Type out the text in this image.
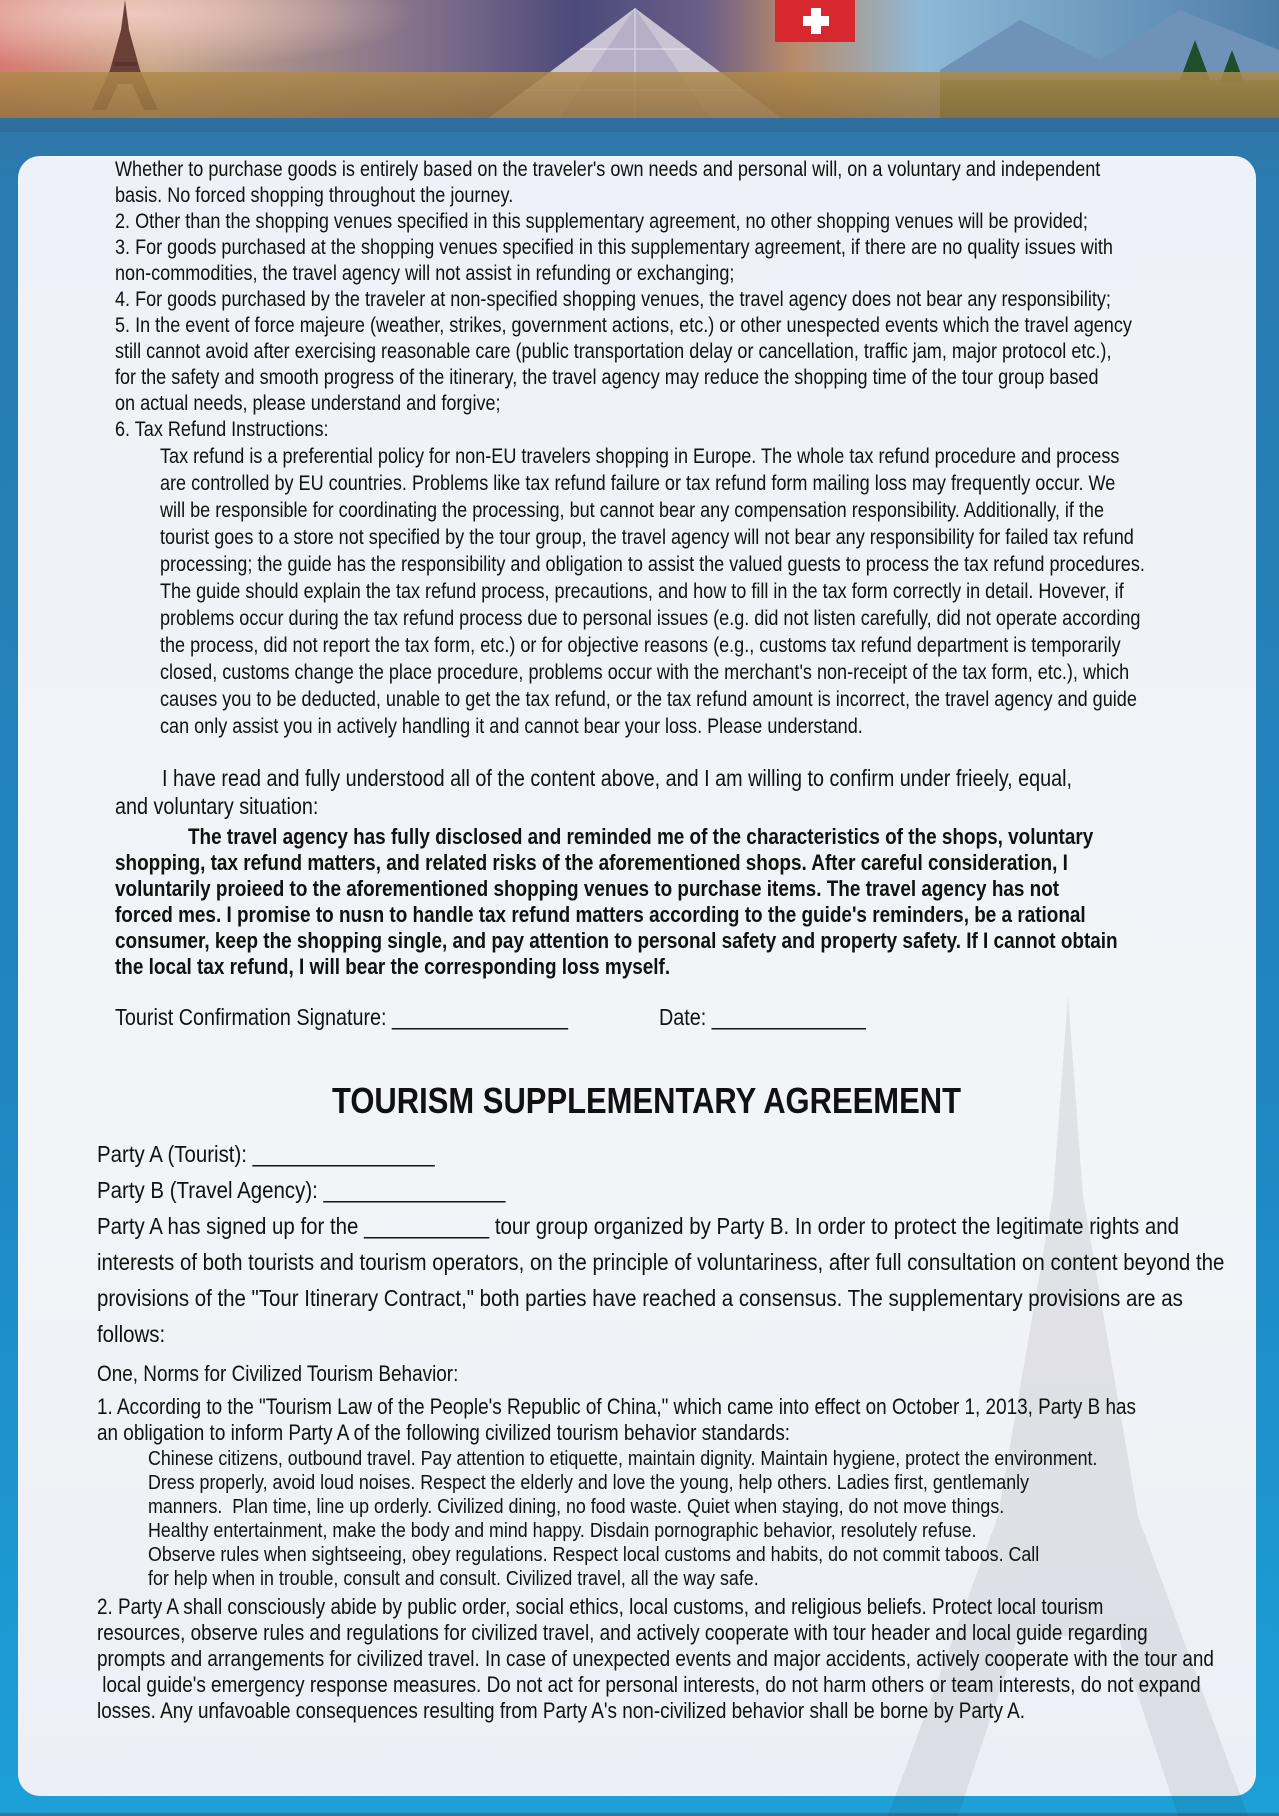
Whether to purchase goods is entirely based on the traveler's own needs and personal will, on a voluntary and independent
basis. No forced shopping throughout the journey.
2. Other than the shopping venues specified in this supplementary agreement, no other shopping venues will be provided;
3. For goods purchased at the shopping venues specified in this supplementary agreement, if there are no quality issues with
non-commodities, the travel agency will not assist in refunding or exchanging;
4. For goods purchased by the traveler at non-specified shopping venues, the travel agency does not bear any responsibility;
5. In the event of force majeure (weather, strikes, government actions, etc.) or other unespected events which the travel agency
still cannot avoid after exercising reasonable care (public transportation delay or cancellation, traffic jam, major protocol etc.),
for the safety and smooth progress of the itinerary, the travel agency may reduce the shopping time of the tour group based
on actual needs, please understand and forgive;
6. Tax Refund Instructions:
Tax refund is a preferential policy for non-EU travelers shopping in Europe. The whole tax refund procedure and process
are controlled by EU countries. Problems like tax refund failure or tax refund form mailing loss may frequently occur. We
will be responsible for coordinating the processing, but cannot bear any compensation responsibility. Additionally, if the
tourist goes to a store not specified by the tour group, the travel agency will not bear any responsibility for failed tax refund
processing; the guide has the responsibility and obligation to assist the valued guests to process the tax refund procedures.
The guide should explain the tax refund process, precautions, and how to fill in the tax form correctly in detail. Hovever, if
problems occur during the tax refund process due to personal issues (e.g. did not listen carefully, did not operate according
the process, did not report the tax form, etc.) or for objective reasons (e.g., customs tax refund department is temporarily
closed, customs change the place procedure, problems occur with the merchant's non-receipt of the tax form, etc.), which
causes you to be deducted, unable to get the tax refund, or the tax refund amount is incorrect, the travel agency and guide
can only assist you in actively handling it and cannot bear your loss. Please understand.
I have read and fully understood all of the content above, and I am willing to confirm under frieely, equal,
and voluntary situation:
The travel agency has fully disclosed and reminded me of the characteristics of the shops, voluntary
shopping, tax refund matters, and related risks of the aforementioned shops. After careful consideration, I
voluntarily proieed to the aforementioned shopping venues to purchase items. The travel agency has not
forced mes. I promise to nusn to handle tax refund matters according to the guide's reminders, be a rational
consumer, keep the shopping single, and pay attention to personal safety and property safety. If I cannot obtain
the local tax refund, I will bear the corresponding loss myself.
Tourist Confirmation Signature: ________________	Date: ______________
TOURISM SUPPLEMENTARY AGREEMENT
Party A (Tourist): ________________
Party B (Travel Agency): ________________
Party A has signed up for the ___________ tour group organized by Party B. In order to protect the legitimate rights and
interests of both tourists and tourism operators, on the principle of voluntariness, after full consultation on content beyond the
provisions of the "Tour Itinerary Contract," both parties have reached a consensus. The supplementary provisions are as
follows:
One, Norms for Civilized Tourism Behavior:
1. According to the "Tourism Law of the People's Republic of China," which came into effect on October 1, 2013, Party B has
an obligation to inform Party A of the following civilized tourism behavior standards:
Chinese citizens, outbound travel. Pay attention to etiquette, maintain dignity. Maintain hygiene, protect the environment.
Dress properly, avoid loud noises. Respect the elderly and love the young, help others. Ladies first, gentlemanly
manners.  Plan time, line up orderly. Civilized dining, no food waste. Quiet when staying, do not move things.
Healthy entertainment, make the body and mind happy. Disdain pornographic behavior, resolutely refuse.
Observe rules when sightseeing, obey regulations. Respect local customs and habits, do not commit taboos. Call
for help when in trouble, consult and consult. Civilized travel, all the way safe.
2. Party A shall consciously abide by public order, social ethics, local customs, and religious beliefs. Protect local tourism
resources, observe rules and regulations for civilized travel, and actively cooperate with tour header and local guide regarding
prompts and arrangements for civilized travel. In case of unexpected events and major accidents, actively cooperate with the tour and
local guide's emergency response measures. Do not act for personal interests, do not harm others or team interests, do not expand
losses. Any unfavoable consequences resulting from Party A's non-civilized behavior shall be borne by Party A.
